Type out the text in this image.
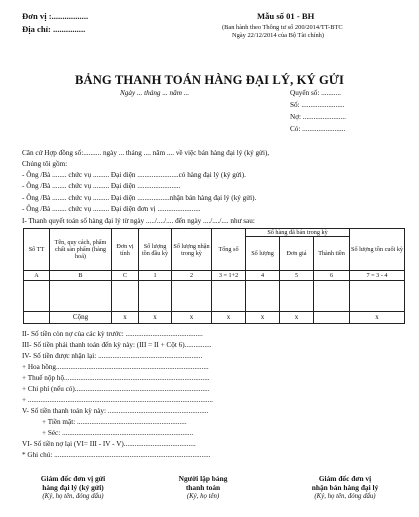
Đơn vị :.................
Địa chỉ: ...............
Mẫu số 01 - BH
(Ban hành theo Thông tư số 200/2014/TT-BTC
Ngày 22/12/2014 của Bộ Tài chính)
BẢNG THANH TOÁN HÀNG ĐẠI LÝ, KÝ GỬI
Ngày ... tháng ... năm ...	Quyển số: ...........
Số: ........................
Nợ: ........................
Có: ........................
Căn cứ Hợp đồng số:.......... ngày ... tháng .... năm .... về việc bán hàng đại lý (ký gửi),
Chúng tôi gồm:
- Ông /Bà ........ chức vụ ......... Đại diện .......................có hàng đại lý (ký gửi).
- Ông /Bà ........ chức vụ ......... Đại diện ........................
- Ông /Bà ........ chức vụ ......... Đại diện ..................nhận bán hàng đại lý (ký gửi).
- Ông /Bà ........ chức vụ ......... Đại diện đơn vị ........................
I- Thanh quyết toán số hàng đại lý từ ngày ...../..../.... đến ngày ..../..../.... như sau:
Số TT	Tên, quy cách, phẩm chất sản phẩm (hàng hoá)	Đơn vị tính	Số lượng tồn đầu kỳ	Số lượng nhận trong kỳ	Tổng số	Số hàng đã bán trong kỳ			Số lượng tồn cuối kỳ
						Số lượng	Đơn giá	Thành tiền	
A	B	C	1	2	3 = 1+2	4	5	6	7 = 3 - 4

	Cộng	x	x	x	x	x	x		x
II- Số tiền còn nợ của các kỳ trước: ...........................................
III- Số tiền phải thanh toán đến kỳ này: (III = II + Cột 6)...............
IV- Số tiền được nhận lại: ..........................................................
+ Hoa hồng.....................................................................................
+ Thuế nộp hộ.................................................................................
+ Chi phí (nếu có)...........................................................................
+ .......................................................................................................
V- Số tiền thanh toán kỳ này: ........................................................
+ Tiền mặt: .............................................................
+ Séc: .........................................................................
VI- Số tiền nợ lại (VI= III - IV - V)........................................
* Ghi chú: .......................................................................................
Giám đốc đơn vị gửi
hàng đại lý (ký gửi)
(Ký, họ tên, đóng dấu)
Người lập bảng
thanh toán
(Ký, họ tên)
Giám đốc đơn vị
nhận bán hàng đại lý
(Ký, họ tên, đóng dấu)
